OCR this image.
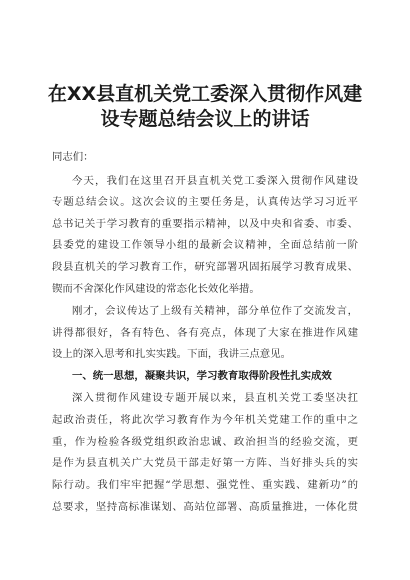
在XX县直机关党工委深入贯彻作风建
设专题总结会议上的讲话
同志们：
今天，我们在这里召开县直机关党工委深入贯彻作风建设
专题总结会议。这次会议的主要任务是，认真传达学习习近平
总书记关于学习教育的重要指示精神，以及中央和省委、市委、
县委党的建设工作领导小组的最新会议精神，全面总结前一阶
段县直机关的学习教育工作，研究部署巩固拓展学习教育成果、
锲而不舍深化作风建设的常态化长效化举措。
刚才，会议传达了上级有关精神，部分单位作了交流发言，
讲得都很好，各有特色、各有亮点，体现了大家在推进作风建
设上的深入思考和扎实实践。下面，我讲三点意见。
一、统一思想，凝聚共识，学习教育取得阶段性扎实成效
深入贯彻作风建设专题开展以来，县直机关党工委坚决扛
起政治责任，将此次学习教育作为今年机关党建工作的重中之
重，作为检验各级党组织政治忠诚、政治担当的经验交流，更
是作为县直机关广大党员干部走好第一方阵、当好排头兵的实
际行动。我们牢牢把握“学思想、强党性、重实践、建新功”的
总要求，坚持高标准谋划、高站位部署、高质量推进，一体化贯
